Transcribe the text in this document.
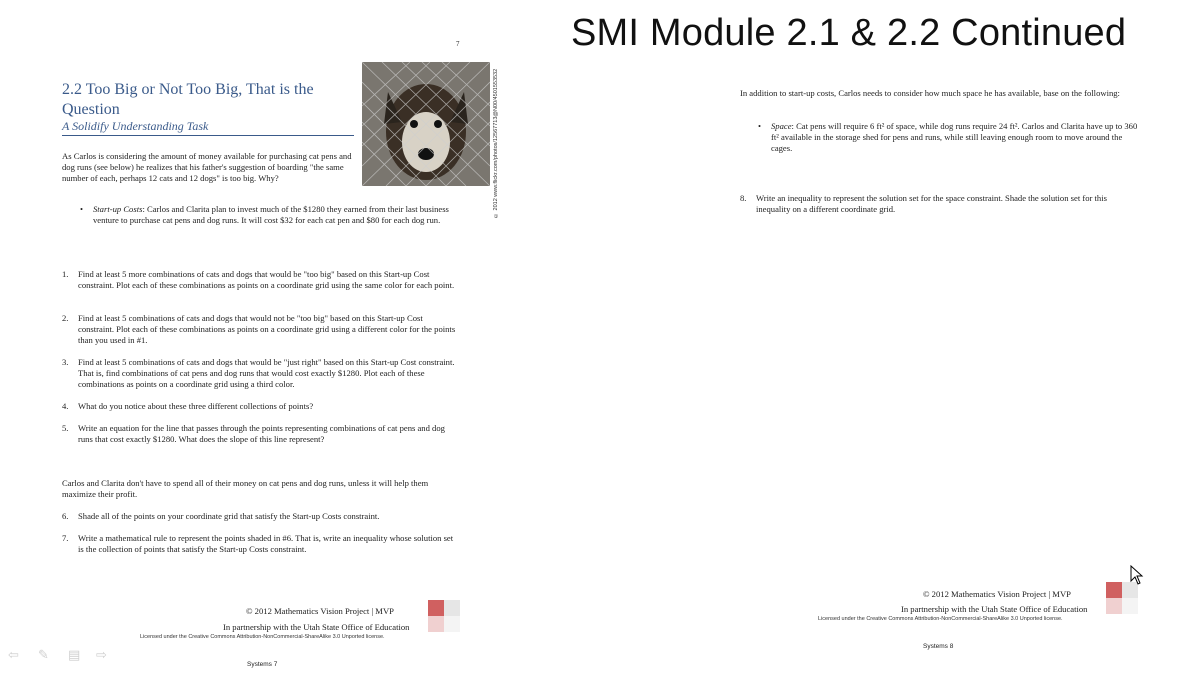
7
© 2012 www.flickr.com/photos/12567713@N00/4501553532
2.2 Too Big or Not Too Big, That is the Question
A Solidify Understanding Task
As Carlos is considering the amount of money available for purchasing cat pens and dog runs (see below) he realizes that his father's suggestion of boarding "the same number of each, perhaps 12 cats and 12 dogs" is too big. Why?
• Start-up Costs: Carlos and Clarita plan to invest much of the $1280 they earned from their last business venture to purchase cat pens and dog runs. It will cost $32 for each cat pen and $80 for each dog run.
1.	Find at least 5 more combinations of cats and dogs that would be "too big" based on this Start-up Cost constraint. Plot each of these combinations as points on a coordinate grid using the same color for each point.
2.	Find at least 5 combinations of cats and dogs that would not be "too big" based on this Start-up Cost constraint. Plot each of these combinations as points on a coordinate grid using a different color for the points than you used in #1.
3.	Find at least 5 combinations of cats and dogs that would be "just right" based on this Start-up Cost constraint. That is, find combinations of cat pens and dog runs that would cost exactly $1280. Plot each of these combinations as points on a coordinate grid using a third color.
4.	What do you notice about these three different collections of points?
5.	Write an equation for the line that passes through the points representing combinations of cat pens and dog runs that cost exactly $1280. What does the slope of this line represent?
Carlos and Clarita don't have to spend all of their money on cat pens and dog runs, unless it will help them maximize their profit.
6.	Shade all of the points on your coordinate grid that satisfy the Start-up Costs constraint.
7.	Write a mathematical rule to represent the points shaded in #6. That is, write an inequality whose solution set is the collection of points that satisfy the Start-up Costs constraint.
© 2012 Mathematics Vision Project | MVP
In partnership with the Utah State Office of Education
Licensed under the Creative Commons Attribution-NonCommercial-ShareAlike 3.0 Unported license.
Systems 7
In addition to start-up costs, Carlos needs to consider how much space he has available, base on the following:
• Space: Cat pens will require 6 ft² of space, while dog runs require 24 ft². Carlos and Clarita have up to 360 ft² available in the storage shed for pens and runs, while still leaving enough room to move around the cages.
8.	Write an inequality to represent the solution set for the space constraint. Shade the solution set for this inequality on a different coordinate grid.
© 2012 Mathematics Vision Project | MVP
In partnership with the Utah State Office of Education
Licensed under the Creative Commons Attribution-NonCommercial-ShareAlike 3.0 Unported license.
Systems 8
SMI Module 2.1 & 2.2 Continued
⇦ ✎ ▤ ⇨
